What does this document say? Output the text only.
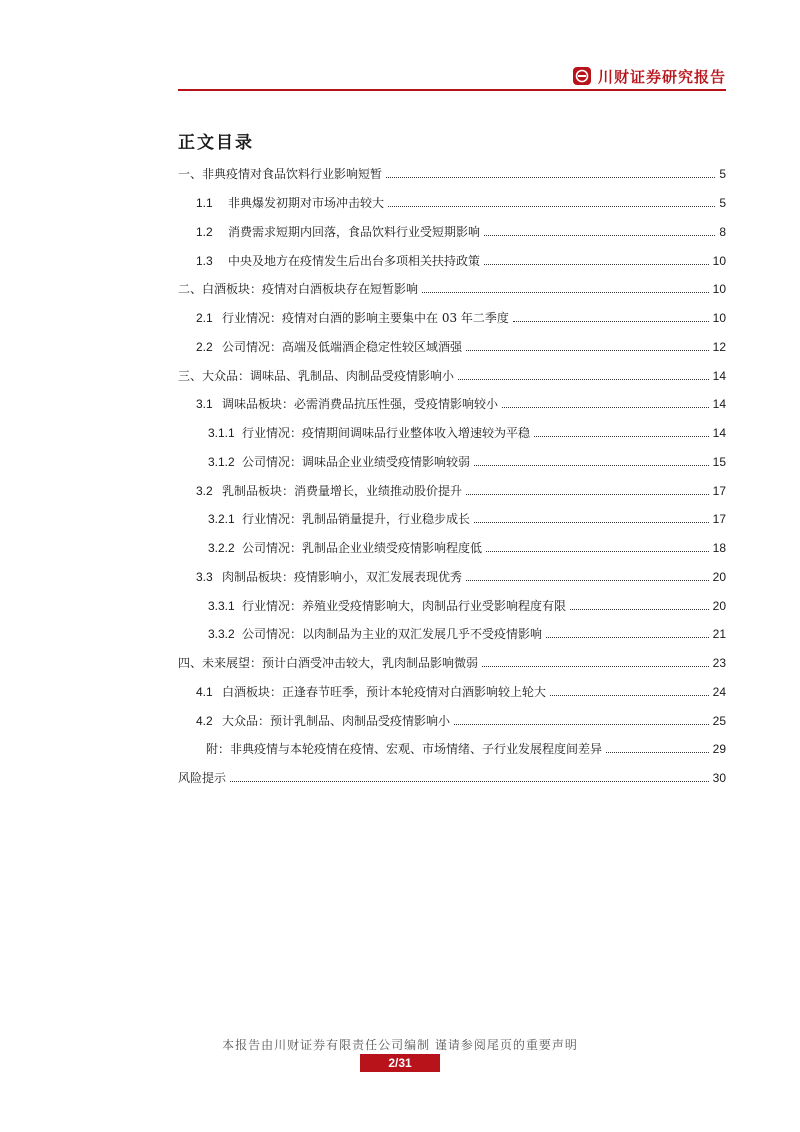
川财证券研究报告
正文目录
一、非典疫情对食品饮料行业影响短暂	5
1.1	非典爆发初期对市场冲击较大	5
1.2	消费需求短期内回落，食品饮料行业受短期影响	8
1.3	中央及地方在疫情发生后出台多项相关扶持政策	10
二、白酒板块：疫情对白酒板块存在短暂影响	10
2.1 行业情况：疫情对白酒的影响主要集中在 03 年二季度	10
2.2 公司情况：高端及低端酒企稳定性较区域酒强	12
三、大众品：调味品、乳制品、肉制品受疫情影响小	14
3.1 调味品板块：必需消费品抗压性强，受疫情影响较小	14
3.1.1 行业情况：疫情期间调味品行业整体收入增速较为平稳	14
3.1.2 公司情况：调味品企业业绩受疫情影响较弱	15
3.2 乳制品板块：消费量增长，业绩推动股价提升	17
3.2.1 行业情况：乳制品销量提升，行业稳步成长	17
3.2.2 公司情况：乳制品企业业绩受疫情影响程度低	18
3.3 肉制品板块：疫情影响小，双汇发展表现优秀	20
3.3.1 行业情况：养殖业受疫情影响大，肉制品行业受影响程度有限	20
3.3.2 公司情况：以肉制品为主业的双汇发展几乎不受疫情影响	21
四、未来展望：预计白酒受冲击较大，乳肉制品影响微弱	23
4.1 白酒板块：正逢春节旺季，预计本轮疫情对白酒影响较上轮大	24
4.2 大众品：预计乳制品、肉制品受疫情影响小	25
附：非典疫情与本轮疫情在疫情、宏观、市场情绪、子行业发展程度间差异	29
风险提示	30
本报告由川财证券有限责任公司编制 谨请参阅尾页的重要声明
2/31
